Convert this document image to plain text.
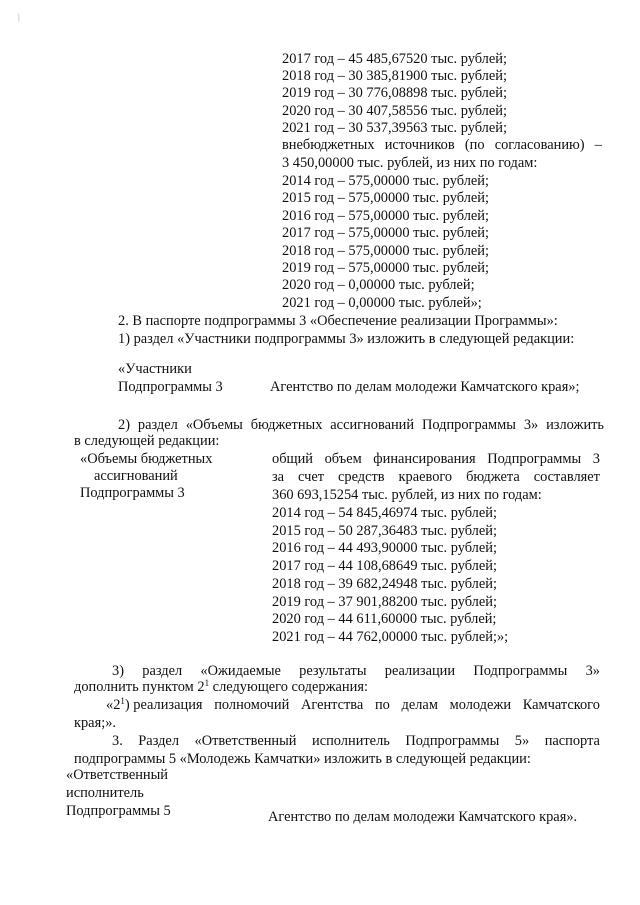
|
2017 год – 45 485,67520 тыс. рублей;
2018 год – 30 385,81900 тыс. рублей;
2019 год – 30 776,08898 тыс. рублей;
2020 год – 30 407,58556 тыс. рублей;
2021 год – 30 537,39563 тыс. рублей;
внебюджетных источников (по согласованию) –
3 450,00000 тыс. рублей, из них по годам:
2014 год – 575,00000 тыс. рублей;
2015 год – 575,00000 тыс. рублей;
2016 год – 575,00000 тыс. рублей;
2017 год – 575,00000 тыс. рублей;
2018 год – 575,00000 тыс. рублей;
2019 год – 575,00000 тыс. рублей;
2020 год – 0,00000 тыс. рублей;
2021 год – 0,00000 тыс. рублей»;
2. В паспорте подпрограммы 3 «Обеспечение реализации Программы»:
1) раздел «Участники подпрограммы 3» изложить в следующей редакции:
«Участники
Подпрограммы 3	Агентство по делам молодежи Камчатского края»;
2) раздел «Объемы бюджетных ассигнований Подпрограммы 3» изложить
в следующей редакции:
«Объемы бюджетных
ассигнований
Подпрограммы 3
общий объем финансирования Подпрограммы 3
за счет средств краевого бюджета составляет
360 693,15254 тыс. рублей, из них по годам:
2014 год – 54 845,46974 тыс. рублей;
2015 год – 50 287,36483 тыс. рублей;
2016 год – 44 493,90000 тыс. рублей;
2017 год – 44 108,68649 тыс. рублей;
2018 год – 39 682,24948 тыс. рублей;
2019 год – 37 901,88200 тыс. рублей;
2020 год – 44 611,60000 тыс. рублей;
2021 год – 44 762,00000 тыс. рублей;»;
3) раздел «Ожидаемые результаты реализации Подпрограммы 3»
дополнить пунктом $2^1$ следующего содержания:
«$2^1$) реализация полномочий Агентства по делам молодежи Камчатского
края;».
3. Раздел «Ответственный исполнитель Подпрограммы 5» паспорта
подпрограммы 5 «Молодежь Камчатки» изложить в следующей редакции:
«Ответственный
исполнитель
Подпрограммы 5	Агентство по делам молодежи Камчатского края».
